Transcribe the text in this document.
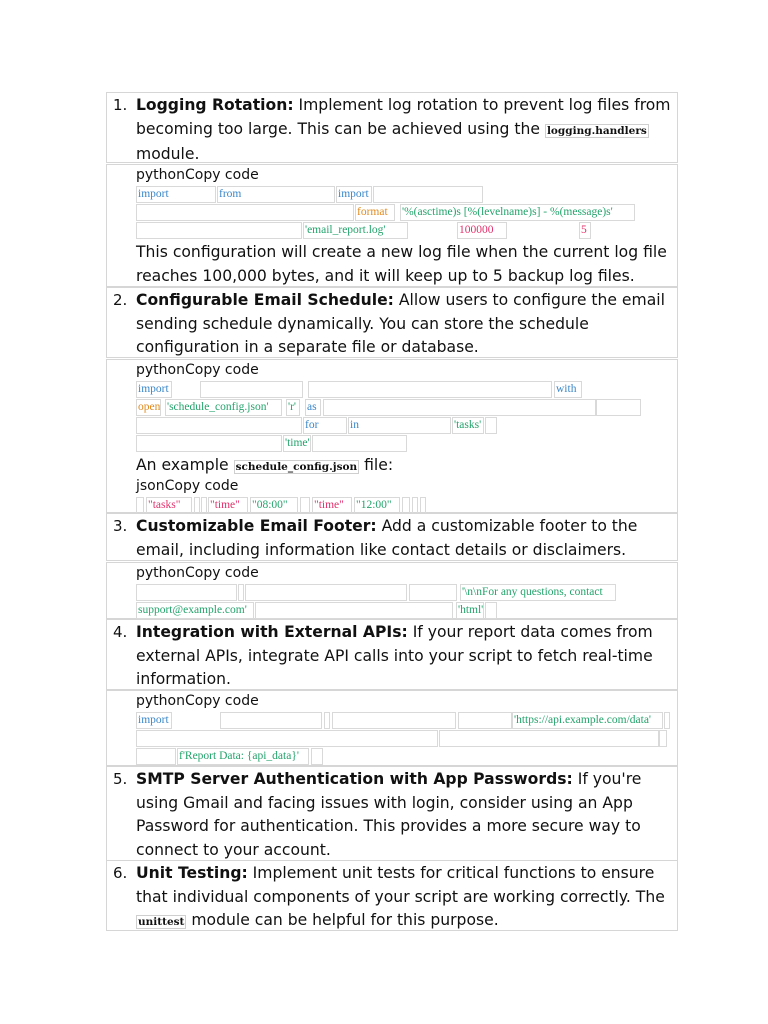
1. Logging Rotation: Implement log rotation to prevent log files from becoming too large. This can be achieved using the logging.handlers module.
pythonCopy code
import	from	import
format	'%(asctime)s [%(levelname)s] - %(message)s'
'email_report.log'	100000	5
This configuration will create a new log file when the current log file reaches 100,000 bytes, and it will keep up to 5 backup log files.
2. Configurable Email Schedule: Allow users to configure the email sending schedule dynamically. You can store the schedule configuration in a separate file or database.
pythonCopy code
import	with
open 'schedule_config.json'	'r' as
for	in	'tasks'
'time'
An example schedule_config.json file:
jsonCopy code
"tasks"	"time"	"08:00"	"time"	"12:00"
3. Customizable Email Footer: Add a customizable footer to the email, including information like contact details or disclaimers.
pythonCopy code
'\n\nFor any questions, contact
support@example.com'	'html'
4. Integration with External APIs: If your report data comes from external APIs, integrate API calls into your script to fetch real-time information.
pythonCopy code
import	'https://api.example.com/data'
f'Report Data: {api_data}'
5. SMTP Server Authentication with App Passwords: If you're using Gmail and facing issues with login, consider using an App Password for authentication. This provides a more secure way to connect to your account.
6. Unit Testing: Implement unit tests for critical functions to ensure that individual components of your script are working correctly. The unittest module can be helpful for this purpose.
